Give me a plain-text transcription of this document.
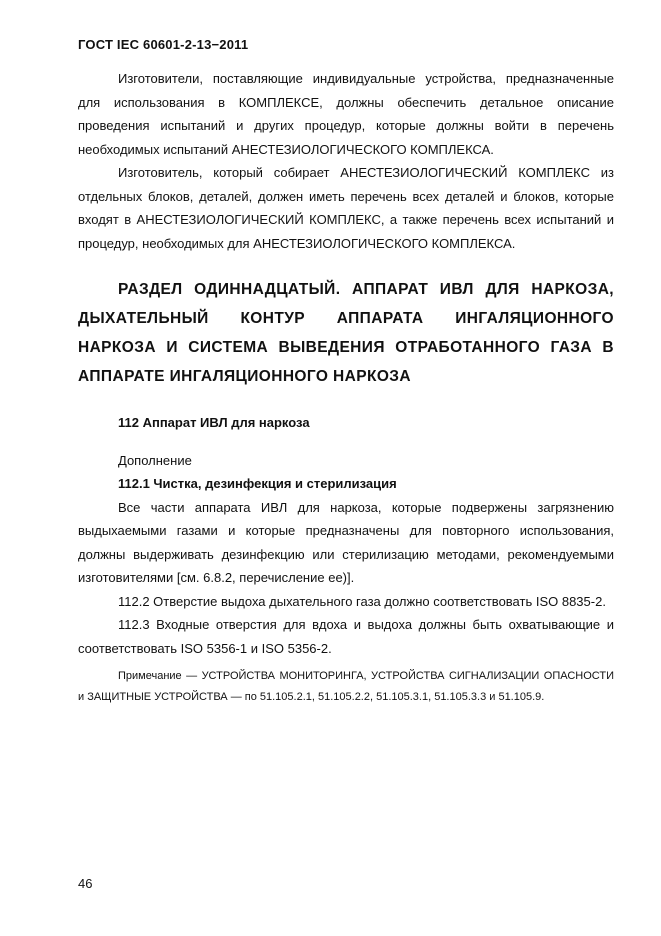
ГОСТ IEC 60601-2-13−2011

Изготовители, поставляющие индивидуальные устройства, предназначенные для использования в КОМПЛЕКСЕ, должны обеспечить детальное описание проведения испытаний и других процедур, которые должны войти в перечень необходимых испытаний АНЕСТЕЗИОЛОГИЧЕСКОГО КОМПЛЕКСА.

Изготовитель, который собирает АНЕСТЕЗИОЛОГИЧЕСКИЙ КОМПЛЕКС из отдельных блоков, деталей, должен иметь перечень всех деталей и блоков, которые входят в АНЕСТЕЗИОЛОГИЧЕСКИЙ КОМПЛЕКС, а также перечень всех испытаний и процедур, необходимых для АНЕСТЕЗИОЛОГИЧЕСКОГО КОМПЛЕКСА.

РАЗДЕЛ ОДИННАДЦАТЫЙ. АППАРАТ ИВЛ ДЛЯ НАРКОЗА, ДЫХАТЕЛЬНЫЙ КОНТУР АППАРАТА ИНГАЛЯЦИОННОГО НАРКОЗА И СИСТЕМА ВЫВЕДЕНИЯ ОТРАБОТАННОГО ГАЗА В АППАРАТЕ ИНГАЛЯЦИОННОГО НАРКОЗА

112 Аппарат ИВЛ для наркоза

Дополнение

112.1 Чистка, дезинфекция и стерилизация

Все части аппарата ИВЛ для наркоза, которые подвержены загрязнению выдыхаемыми газами и которые предназначены для повторного использования, должны выдерживать дезинфекцию или стерилизацию методами, рекомендуемыми изготовителями [см. 6.8.2, перечисление ее)].

112.2 Отверстие выдоха дыхательного газа должно соответствовать ISO 8835-2.

112.3 Входные отверстия для вдоха и выдоха должны быть охватывающие и соответствовать ISO 5356-1 и ISO 5356-2.

Примечание — УСТРОЙСТВА МОНИТОРИНГА, УСТРОЙСТВА СИГНАЛИЗАЦИИ ОПАСНОСТИ и ЗАЩИТНЫЕ УСТРОЙСТВА — по 51.105.2.1, 51.105.2.2, 51.105.3.1, 51.105.3.3 и 51.105.9.

46
